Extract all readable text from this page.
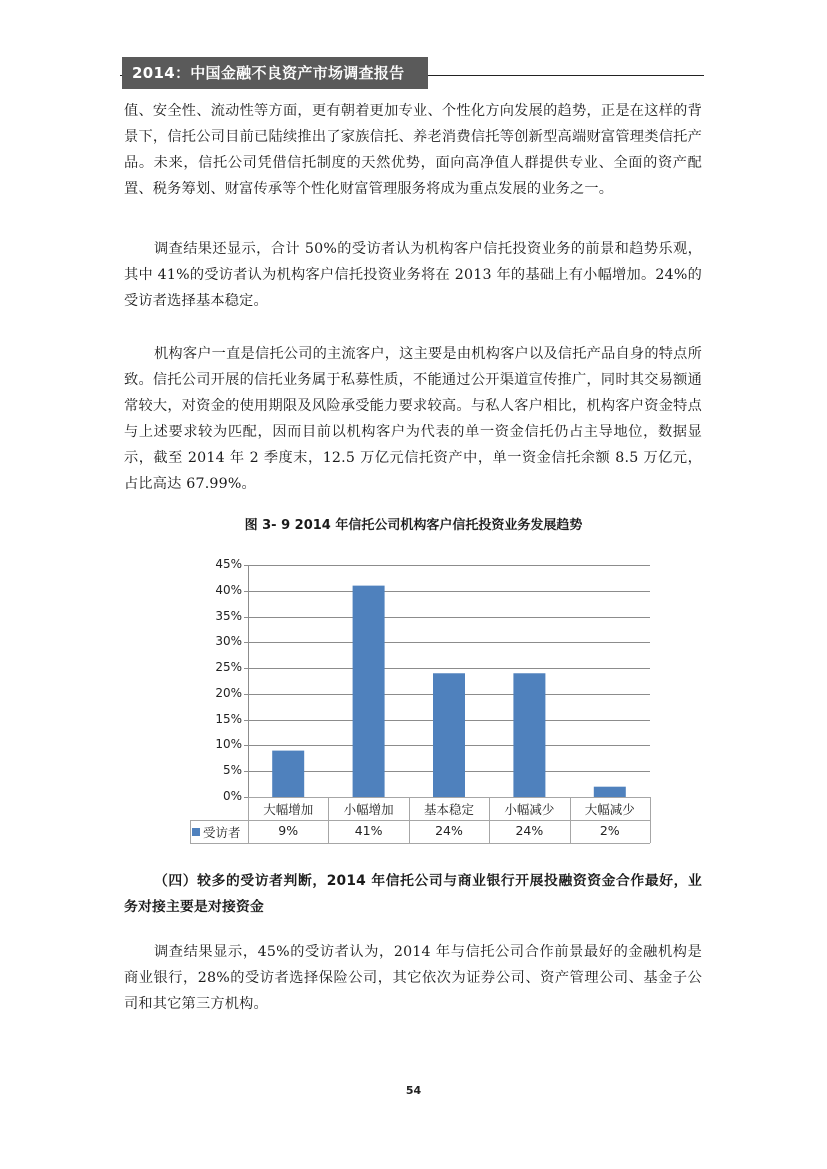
2014：中国金融不良资产市场调查报告
值、安全性、流动性等方面，更有朝着更加专业、个性化方向发展的趋势，正是在这样的背景下，信托公司目前已陆续推出了家族信托、养老消费信托等创新型高端财富管理类信托产品。未来，信托公司凭借信托制度的天然优势，面向高净值人群提供专业、全面的资产配置、税务筹划、财富传承等个性化财富管理服务将成为重点发展的业务之一。
调查结果还显示，合计 50%的受访者认为机构客户信托投资业务的前景和趋势乐观，其中 41%的受访者认为机构客户信托投资业务将在 2013 年的基础上有小幅增加。24%的受访者选择基本稳定。
机构客户一直是信托公司的主流客户，这主要是由机构客户以及信托产品自身的特点所致。信托公司开展的信托业务属于私募性质，不能通过公开渠道宣传推广，同时其交易额通常较大，对资金的使用期限及风险承受能力要求较高。与私人客户相比，机构客户资金特点与上述要求较为匹配，因而目前以机构客户为代表的单一资金信托仍占主导地位，数据显示，截至 2014 年 2 季度末，12.5 万亿元信托资产中，单一资金信托余额 8.5 万亿元，占比高达 67.99%。
图 3- 9 2014 年信托公司机构客户信托投资业务发展趋势
0%
5%
10%
15%
20%
25%
30%
35%
40%
45%
大幅增加
9%
小幅增加
41%
基本稳定
24%
小幅减少
24%
大幅减少
2%
受访者
（四）较多的受访者判断，2014 年信托公司与商业银行开展投融资资金合作最好，业务对接主要是对接资金
调查结果显示，45%的受访者认为，2014 年与信托公司合作前景最好的金融机构是商业银行，28%的受访者选择保险公司，其它依次为证券公司、资产管理公司、基金子公司和其它第三方机构。
54
